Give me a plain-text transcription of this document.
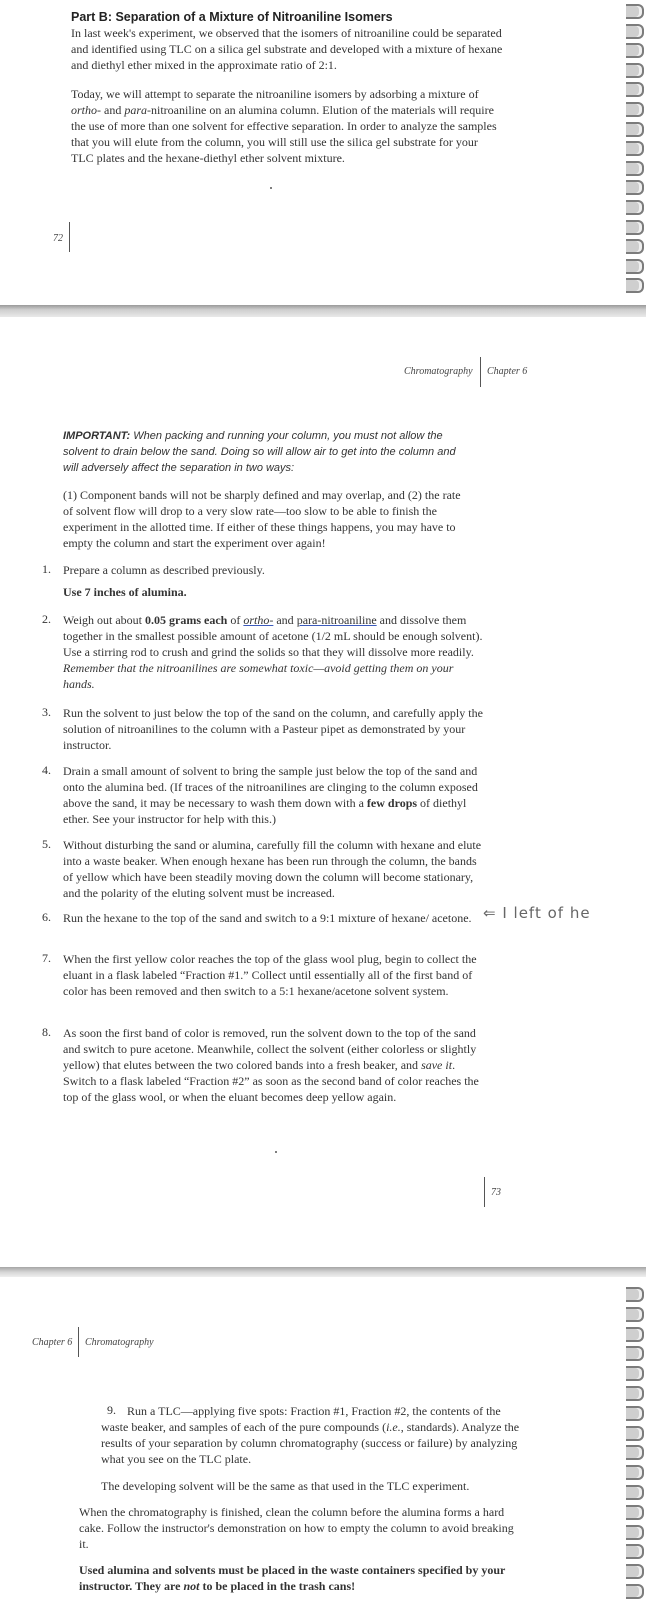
Part B: Separation of a Mixture of Nitroaniline Isomers
In last week's experiment, we observed that the isomers of nitroaniline could be separated and identified using TLC on a silica gel substrate and developed with a mixture of hexane and diethyl ether mixed in the approximate ratio of 2:1.
Today, we will attempt to separate the nitroaniline isomers by adsorbing a mixture of ortho- and para-nitroaniline on an alumina column. Elution of the materials will require the use of more than one solvent for effective separation. In order to analyze the samples that you will elute from the column, you will still use the silica gel substrate for your TLC plates and the hexane-diethyl ether solvent mixture.
72
Chromatography Chapter 6
IMPORTANT: When packing and running your column, you must not allow the solvent to drain below the sand. Doing so will allow air to get into the column and will adversely affect the separation in two ways:
(1) Component bands will not be sharply defined and may overlap, and (2) the rate of solvent flow will drop to a very slow rate—too slow to be able to finish the experiment in the allotted time. If either of these things happens, you may have to empty the column and start the experiment over again!
1. Prepare a column as described previously.
Use 7 inches of alumina.
2. Weigh out about 0.05 grams each of ortho- and para-nitroaniline and dissolve them together in the smallest possible amount of acetone (1/2 mL should be enough solvent). Use a stirring rod to crush and grind the solids so that they will dissolve more readily. Remember that the nitroanilines are somewhat toxic—avoid getting them on your hands.
3. Run the solvent to just below the top of the sand on the column, and carefully apply the solution of nitroanilines to the column with a Pasteur pipet as demonstrated by your instructor.
4. Drain a small amount of solvent to bring the sample just below the top of the sand and onto the alumina bed. (If traces of the nitroanilines are clinging to the column exposed above the sand, it may be necessary to wash them down with a few drops of diethyl ether. See your instructor for help with this.)
5. Without disturbing the sand or alumina, carefully fill the column with hexane and elute into a waste beaker. When enough hexane has been run through the column, the bands of yellow which have been steadily moving down the column will become stationary, and the polarity of the eluting solvent must be increased.
6. Run the hexane to the top of the sand and switch to a 9:1 mixture of hexane/ acetone. ⇐ I left of he
7. When the first yellow color reaches the top of the glass wool plug, begin to collect the eluant in a flask labeled “Fraction #1.” Collect until essentially all of the first band of color has been removed and then switch to a 5:1 hexane/acetone solvent system.
8. As soon the first band of color is removed, run the solvent down to the top of the sand and switch to pure acetone. Meanwhile, collect the solvent (either colorless or slightly yellow) that elutes between the two colored bands into a fresh beaker, and save it. Switch to a flask labeled “Fraction #2” as soon as the second band of color reaches the top of the glass wool, or when the eluant becomes deep yellow again.
73
Chapter 6 Chromatography
9. Run a TLC—applying five spots: Fraction #1, Fraction #2, the contents of the waste beaker, and samples of each of the pure compounds (i.e., standards). Analyze the results of your separation by column chromatography (success or failure) by analyzing what you see on the TLC plate.
The developing solvent will be the same as that used in the TLC experiment.
When the chromatography is finished, clean the column before the alumina forms a hard cake. Follow the instructor's demonstration on how to empty the column to avoid breaking it.
Used alumina and solvents must be placed in the waste containers specified by your instructor. They are not to be placed in the trash cans!
